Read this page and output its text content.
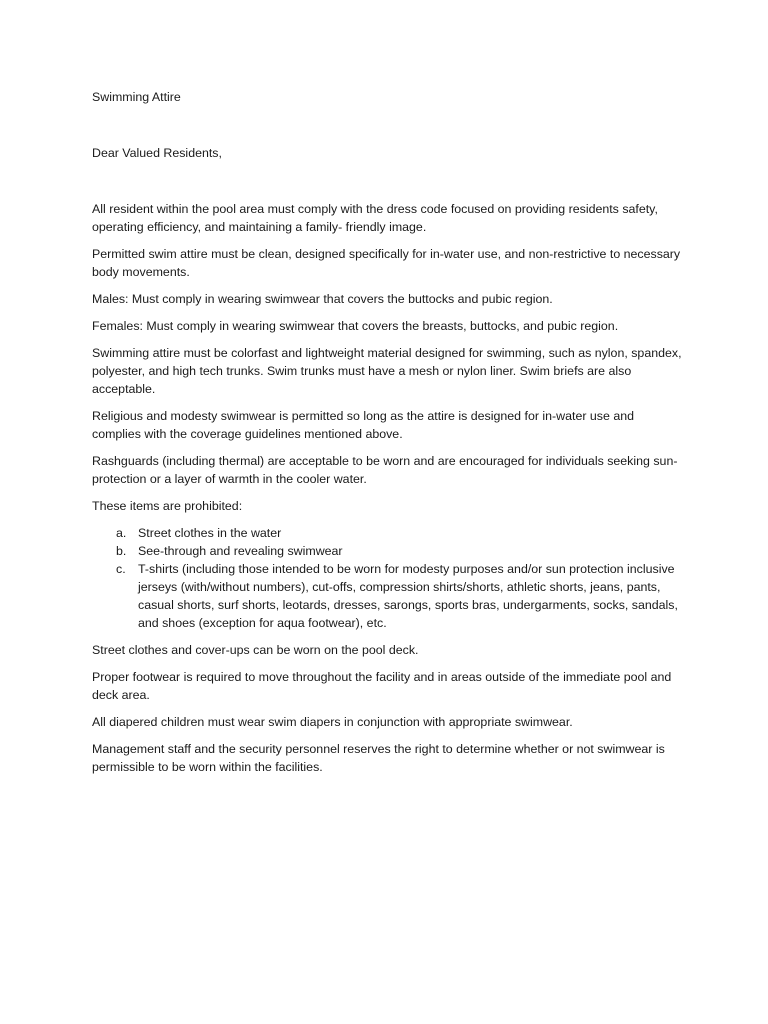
Swimming Attire

Dear Valued Residents,

All resident within the pool area must comply with the dress code focused on providing residents safety, operating efficiency, and maintaining a family- friendly image.

Permitted swim attire must be clean, designed specifically for in-water use, and non-restrictive to necessary body movements.

Males: Must comply in wearing swimwear that covers the buttocks and pubic region.

Females: Must comply in wearing swimwear that covers the breasts, buttocks, and pubic region.

Swimming attire must be colorfast and lightweight material designed for swimming, such as nylon, spandex, polyester, and high tech trunks. Swim trunks must have a mesh or nylon liner. Swim briefs are also acceptable.

Religious and modesty swimwear is permitted so long as the attire is designed for in-water use and complies with the coverage guidelines mentioned above.

Rashguards (including thermal) are acceptable to be worn and are encouraged for individuals seeking sun-protection or a layer of warmth in the cooler water.

These items are prohibited:

a. Street clothes in the water
b. See-through and revealing swimwear
c. T-shirts (including those intended to be worn for modesty purposes and/or sun protection inclusive jerseys (with/without numbers), cut-offs, compression shirts/shorts, athletic shorts, jeans, pants, casual shorts, surf shorts, leotards, dresses, sarongs, sports bras, undergarments, socks, sandals, and shoes (exception for aqua footwear), etc.

Street clothes and cover-ups can be worn on the pool deck.

Proper footwear is required to move throughout the facility and in areas outside of the immediate pool and deck area.

All diapered children must wear swim diapers in conjunction with appropriate swimwear.

Management staff and the security personnel reserves the right to determine whether or not swimwear is permissible to be worn within the facilities.
